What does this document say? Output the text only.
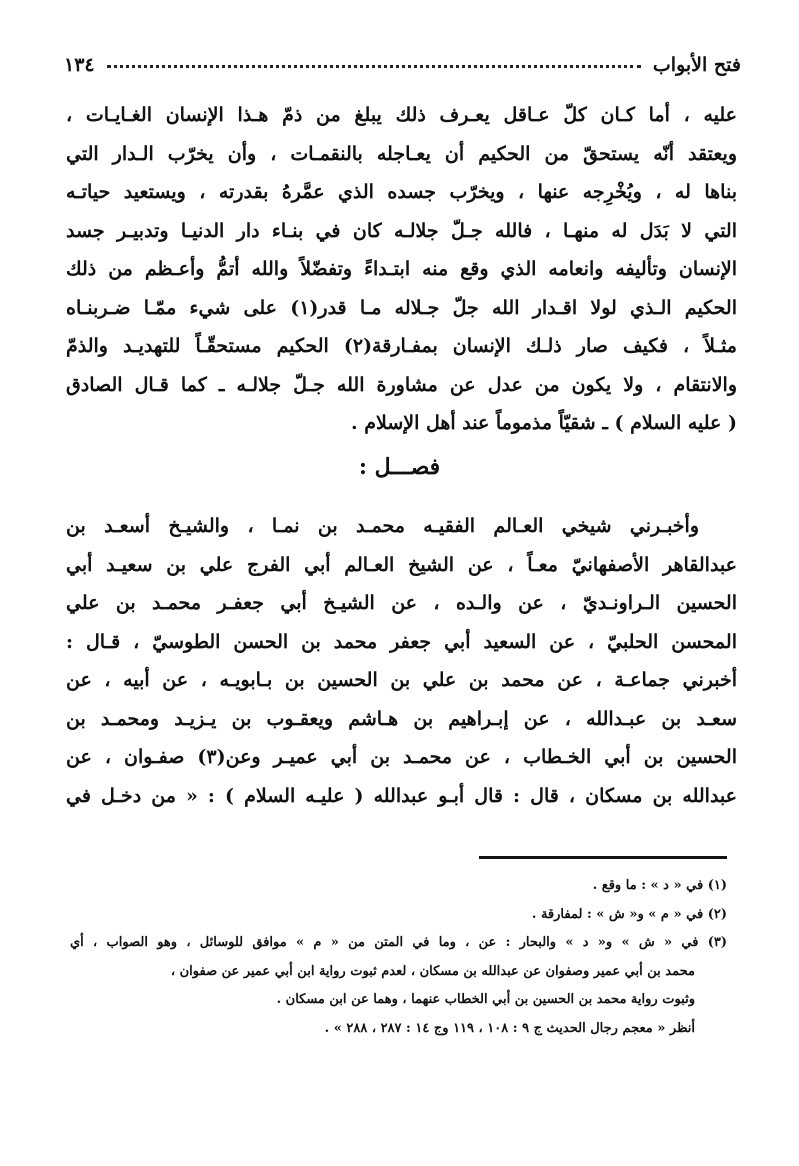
فتح الأبواب
١٣٤
عليه ، أما كـان كلّ عـاقل يعـرف ذلك يبلغ من ذمّ هـذا الإنسان الغـايـات ،
ويعتقد أنّه يستحقّ من الحكيم أن يعـاجله بالنقمـات ، وأن يخرّب الـدار التي
بناها له ، ويُخْرِجه عنها ، ويخرّب جسده الذي عمَّرهُ بقدرته ، ويستعيد حياتـه
التي لا بَدَل له منهـا ، فالله جـلّ جلالـه كان في بنـاء دار الدنيـا وتدبيـر جسد
الإنسان وتأليفه وانعامه الذي وقع منه ابتـداءً وتفضّلاً والله أتمُّ وأعـظم من ذلك
الحكيم الـذي لولا اقـدار الله جلّ جـلاله مـا قدر(١) على شيء ممّـا ضـربنـاه
مثـلاً ، فكيف صار ذلـك الإنسان بمفـارقة(٢) الحكيم مستحقّـاً للتهديـد والذمّ
والانتقام ، ولا يكون من عدل عن مشاورة الله جـلّ جلالـه ـ كما قـال الصادق
( عليه السلام ) ـ شقيّاً مذموماً عند أهل الإسلام .
فصـــل :
وأخبـرني شيخي العـالم الفقيـه محمـد بن نمـا ، والشيـخ أسعـد بن
عبدالقاهر الأصفهانيّ معـاً ، عن الشيخ العـالم أبي الفرج علي بن سعيـد أبي
الحسين الـراونـديّ ، عن والـده ، عن الشيـخ أبي جعفـر محمـد بن علي
المحسن الحلبيّ ، عن السعيد أبي جعفر محمد بن الحسن الطوسيّ ، قـال :
أخبرني جماعـة ، عن محمد بن علي بن الحسين بن بـابويـه ، عن أبيه ، عن
سعـد بن عبـدالله ، عن إبـراهيم بن هـاشم ويعقـوب بن يـزيـد ومحمـد بن
الحسين بن أبي الخـطاب ، عن محمـد بن أبي عميـر وعن(٣) صفـوان ، عن
عبدالله بن مسكان ، قال : قال أبـو عبدالله ( عليـه السلام ) : « من دخـل في
(١) في « د » : ما وقع .
(٢) في « م » و« ش » : لمفارقة .
(٣) في « ش » و« د » والبحار : عن ، وما في المتن من « م » موافق للوسائل ، وهو الصواب ، أي
محمد بن أبي عمير وصفوان عن عبدالله بن مسكان ، لعدم ثبوت رواية ابن أبي عمير عن صفوان ،
وثبوت رواية محمد بن الحسين بن أبي الخطاب عنهما ، وهما عن ابن مسكان .
أنظر « معجم رجال الحديث ج ٩ : ١٠٨ ، ١١٩ وج ١٤ : ٢٨٧ ، ٢٨٨ » .
